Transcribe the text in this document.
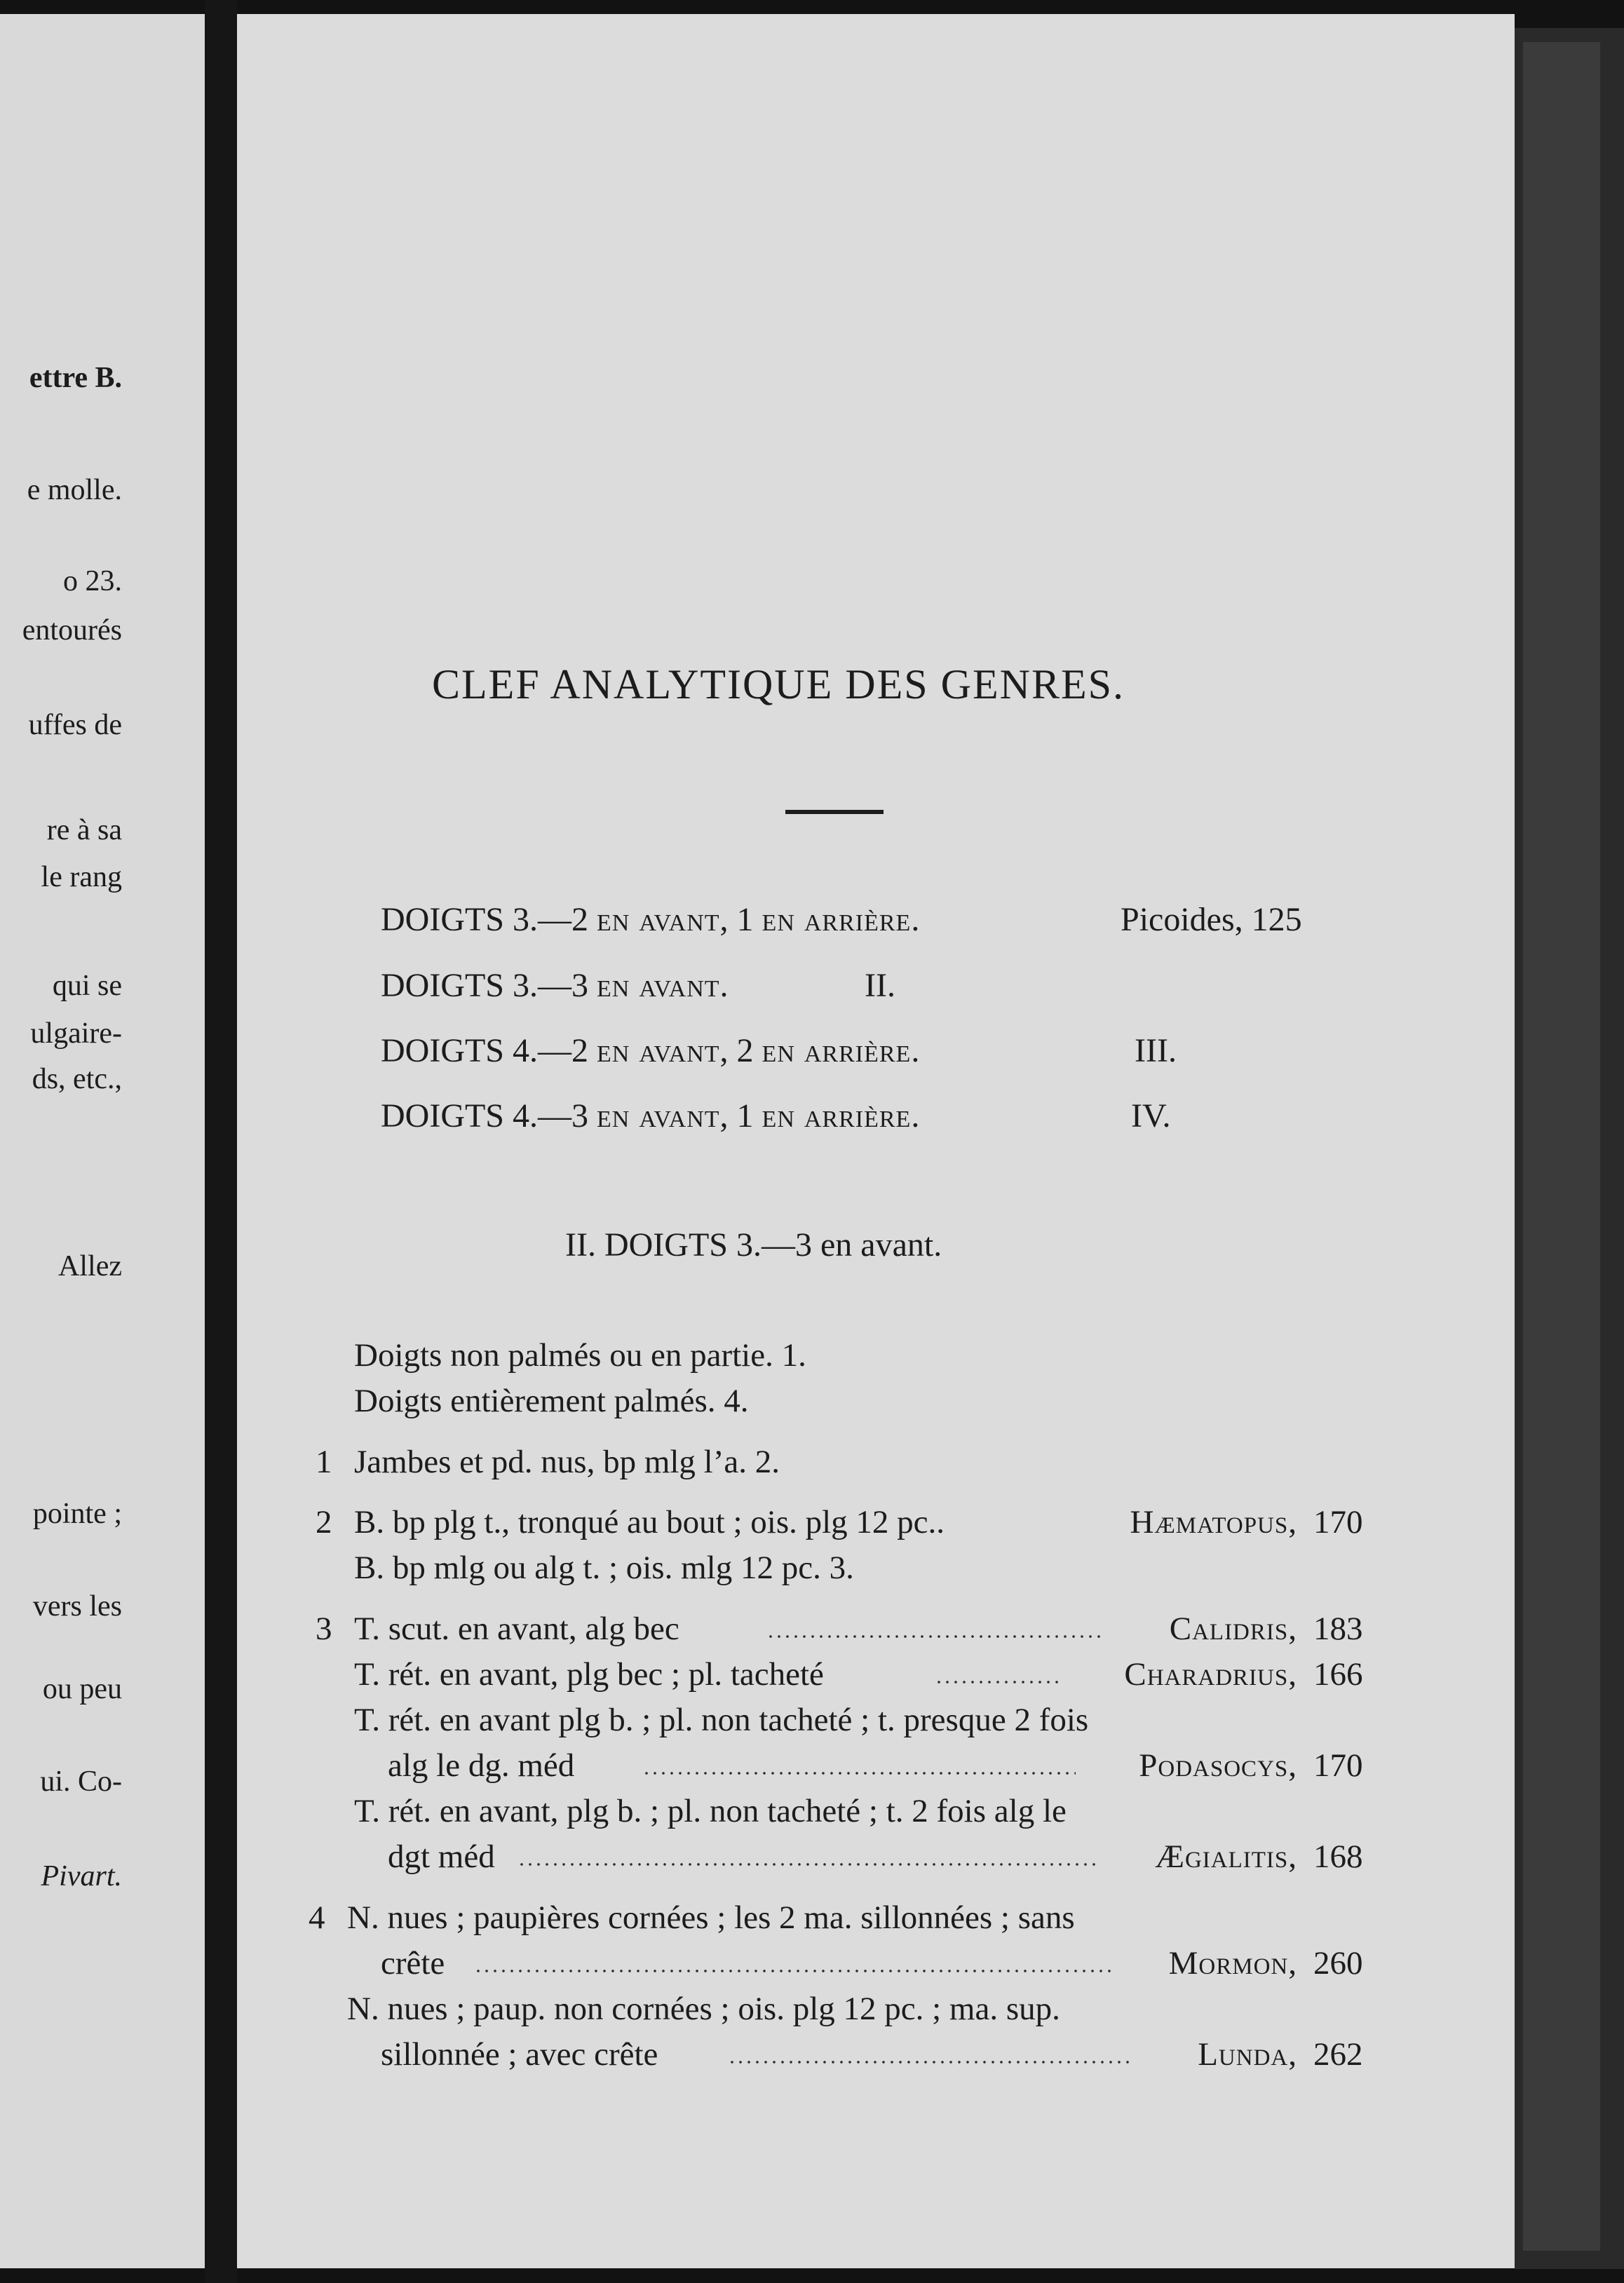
ettre B.
e molle.
o 23.
entourés
uffes de
re à sa
le rang
qui se
ulgaire-
ds, etc.,
Allez
pointe ;
vers les
ou peu
ui. Co-
Pivart.
CLEF ANALYTIQUE DES GENRES.
DOIGTS 3.—2 en avant, 1 en arrière.	Picoides, 125
DOIGTS 3.—3 en avant.	II.
DOIGTS 4.—2 en avant, 2 en arrière.	III.
DOIGTS 4.—3 en avant, 1 en arrière.	IV.
II. DOIGTS 3.—3 en avant.
Doigts non palmés ou en partie. 1.
Doigts entièrement palmés. 4.
1 Jambes et pd. nus, bp mlg l’a. 2.
2 B. bp plg t., tronqué au bout ; ois. plg 12 pc..	Hæmatopus, 170
B. bp mlg ou alg t. ; ois. mlg 12 pc. 3.
3 T. scut. en avant, alg bec	Calidris, 183
T. rét. en avant, plg bec ; pl. tacheté	Charadrius, 166
T. rét. en avant plg b. ; pl. non tacheté ; t. presque 2 fois
alg le dg. méd	Podasocys, 170
T. rét. en avant, plg b. ; pl. non tacheté ; t. 2 fois alg le
dgt méd	Ægialitis, 168
4 N. nues ; paupières cornées ; les 2 ma. sillonnées ; sans
crête	Mormon, 260
N. nues ; paup. non cornées ; ois. plg 12 pc. ; ma. sup.
sillonnée ; avec crête	Lunda, 262
